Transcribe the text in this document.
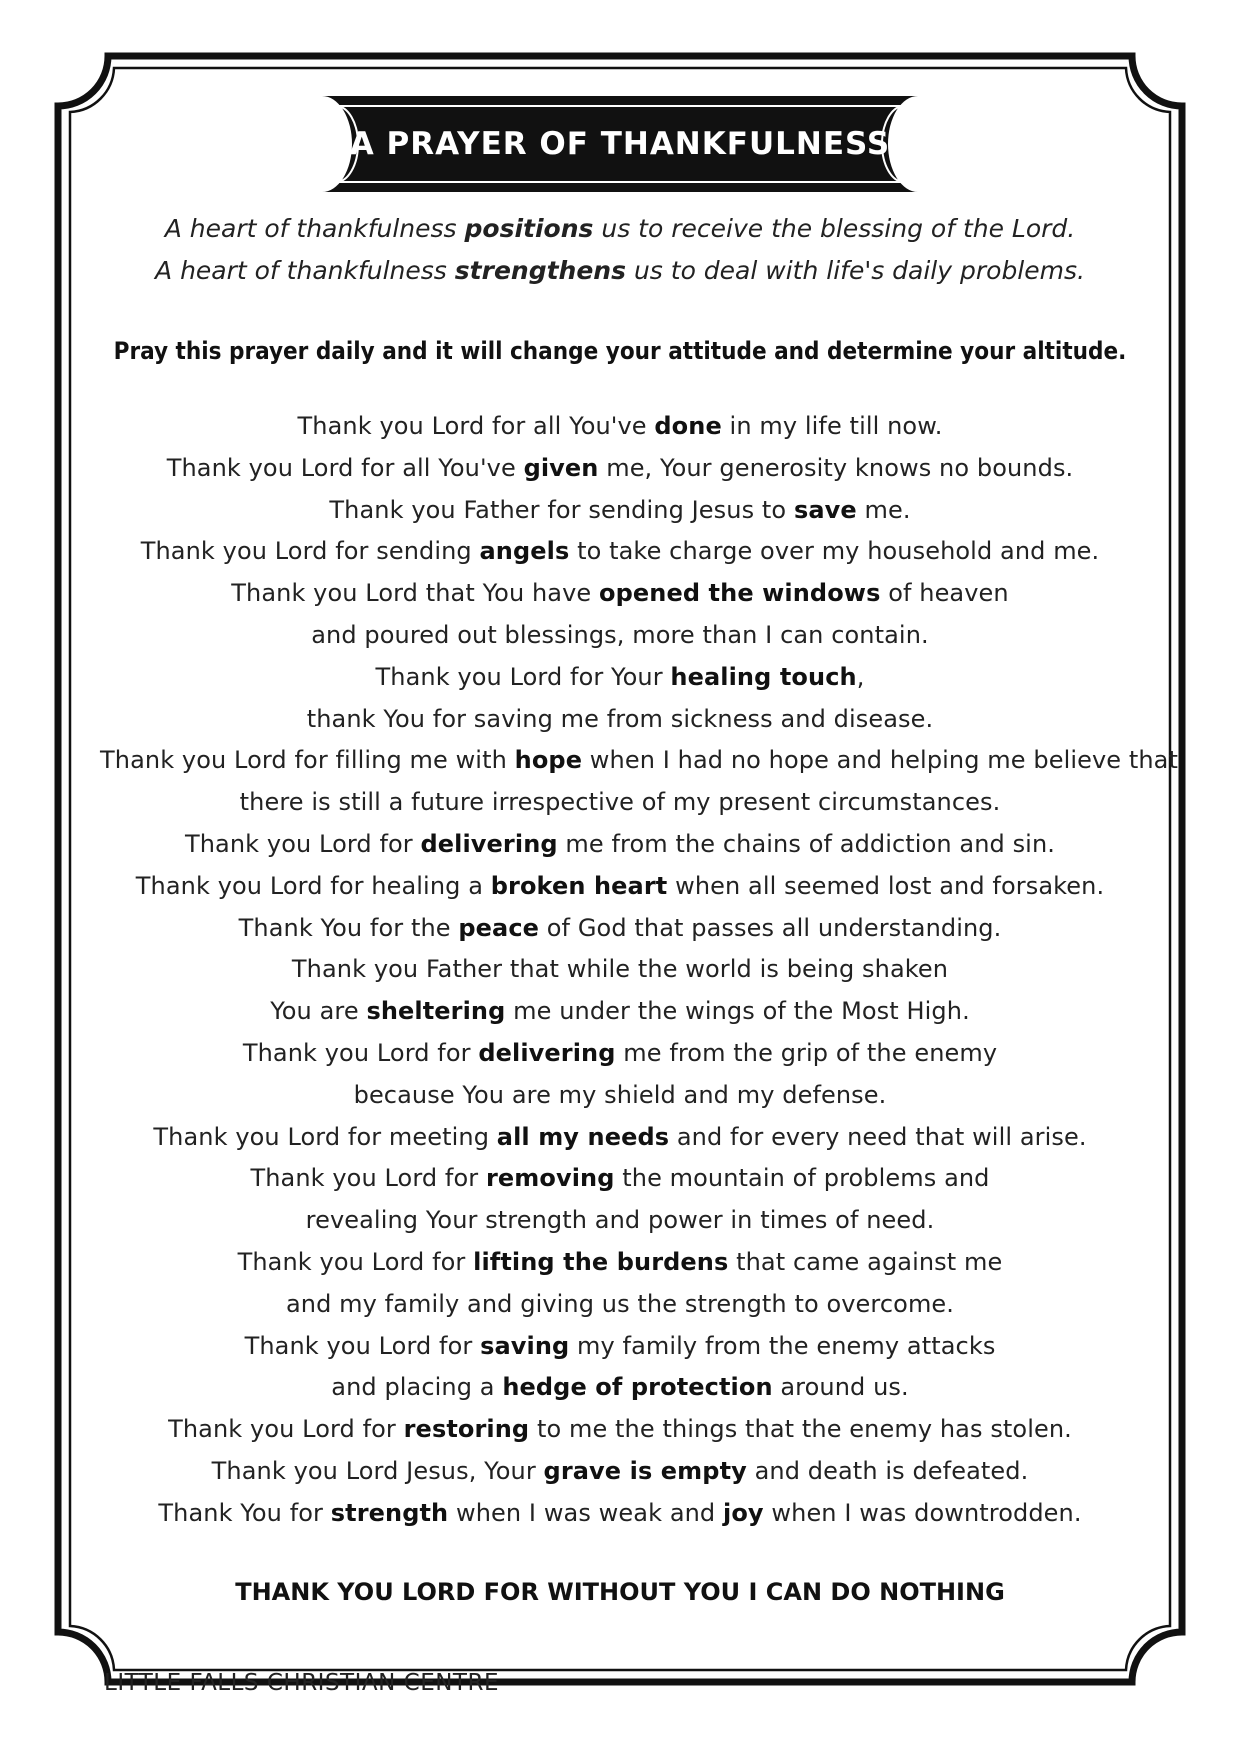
A PRAYER OF THANKFULNESS
A heart of thankfulness positions us to receive the blessing of the Lord.
A heart of thankfulness strengthens us to deal with life's daily problems.
Pray this prayer daily and it will change your attitude and determine your altitude.
Thank you Lord for all You've done in my life till now.
Thank you Lord for all You've given me, Your generosity knows no bounds.
Thank you Father for sending Jesus to save me.
Thank you Lord for sending angels to take charge over my household and me.
Thank you Lord that You have opened the windows of heaven
and poured out blessings, more than I can contain.
Thank you Lord for Your healing touch,
thank You for saving me from sickness and disease.
Thank you Lord for filling me with hope when I had no hope and helping me believe that
there is still a future irrespective of my present circumstances.
Thank you Lord for delivering me from the chains of addiction and sin.
Thank you Lord for healing a broken heart when all seemed lost and forsaken.
Thank You for the peace of God that passes all understanding.
Thank you Father that while the world is being shaken
You are sheltering me under the wings of the Most High.
Thank you Lord for delivering me from the grip of the enemy
because You are my shield and my defense.
Thank you Lord for meeting all my needs and for every need that will arise.
Thank you Lord for removing the mountain of problems and
revealing Your strength and power in times of need.
Thank you Lord for lifting the burdens that came against me
and my family and giving us the strength to overcome.
Thank you Lord for saving my family from the enemy attacks
and placing a hedge of protection around us.
Thank you Lord for restoring to me the things that the enemy has stolen.
Thank you Lord Jesus, Your grave is empty and death is defeated.
Thank You for strength when I was weak and joy when I was downtrodden.
THANK YOU LORD FOR WITHOUT YOU I CAN DO NOTHING
LITTLE FALLS CHRISTIAN CENTRE
